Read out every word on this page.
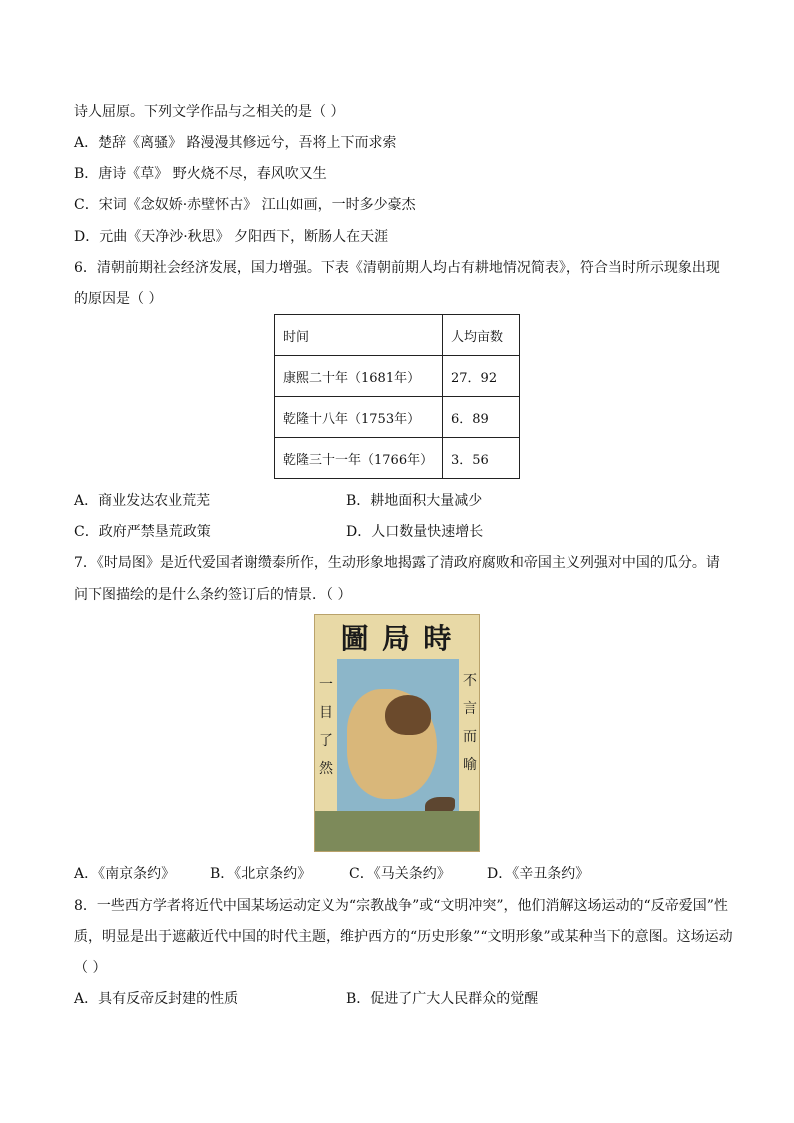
诗人屈原。下列文学作品与之相关的是（ ）
A．楚辞《离骚》 路漫漫其修远兮，吾将上下而求索
B．唐诗《草》 野火烧不尽，春风吹又生
C．宋词《念奴娇·赤壁怀古》 江山如画，一时多少豪杰
D．元曲《天净沙·秋思》 夕阳西下，断肠人在天涯
6．清朝前期社会经济发展，国力增强。下表《清朝前期人均占有耕地情况简表》，符合当时所示现象出现
的原因是（ ）
时间	人均亩数
康熙二十年（1681年）	27．92
乾隆十八年（1753年）	6．89
乾隆三十一年（1766年）	3．56
A．商业发达农业荒芜	B．耕地面积大量减少
C．政府严禁垦荒政策	D．人口数量快速增长
7．《时局图》是近代爱国者谢缵泰所作，生动形象地揭露了清政府腐败和帝国主义列强对中国的瓜分。请
问下图描绘的是什么条约签订后的情景．（ ）
圖 局 時
一
目
了
然
不
言
而
喻
A．《南京条约》 B．《北京条约》	C．《马关条约》	D．《辛丑条约》
8．一些西方学者将近代中国某场运动定义为“宗教战争”或“文明冲突”，他们消解这场运动的“反帝爱国”性
质，明显是出于遮蔽近代中国的时代主题，维护西方的“历史形象”“文明形象”或某种当下的意图。这场运动
（ ）
A．具有反帝反封建的性质	B．促进了广大人民群众的觉醒
